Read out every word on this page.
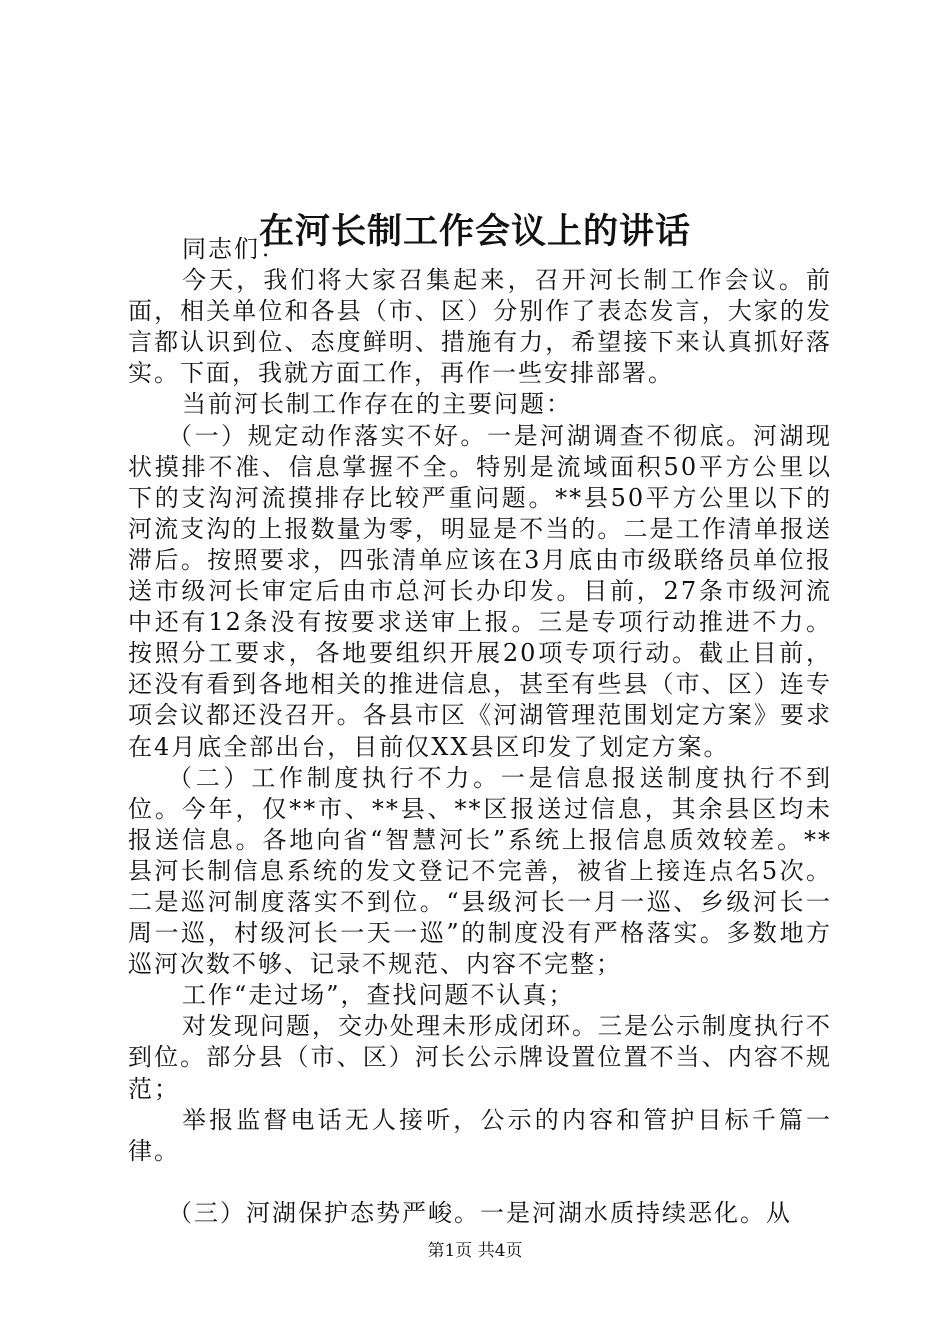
在河长制工作会议上的讲话

同志们：

今天，我们将大家召集起来，召开河长制工作会议。前面，相关单位和各县（市、区）分别作了表态发言，大家的发言都认识到位、态度鲜明、措施有力，希望接下来认真抓好落实。下面，我就方面工作，再作一些安排部署。

当前河长制工作存在的主要问题：

（一）规定动作落实不好。一是河湖调查不彻底。河湖现状摸排不准、信息掌握不全。特别是流域面积50平方公里以下的支沟河流摸排存比较严重问题。**县50平方公里以下的河流支沟的上报数量为零，明显是不当的。二是工作清单报送滞后。按照要求，四张清单应该在3月底由市级联络员单位报送市级河长审定后由市总河长办印发。目前，27条市级河流中还有12条没有按要求送审上报。三是专项行动推进不力。按照分工要求，各地要组织开展20项专项行动。截止目前，还没有看到各地相关的推进信息，甚至有些县（市、区）连专项会议都还没召开。各县市区《河湖管理范围划定方案》要求在4月底全部出台，目前仅XX县区印发了划定方案。

（二）工作制度执行不力。一是信息报送制度执行不到位。今年，仅**市、**县、**区报送过信息，其余县区均未报送信息。各地向省“智慧河长”系统上报信息质效较差。**县河长制信息系统的发文登记不完善，被省上接连点名5次。二是巡河制度落实不到位。“县级河长一月一巡、乡级河长一周一巡，村级河长一天一巡”的制度没有严格落实。多数地方巡河次数不够、记录不规范、内容不完整；

工作“走过场”，查找问题不认真；

对发现问题，交办处理未形成闭环。三是公示制度执行不到位。部分县（市、区）河长公示牌设置位置不当、内容不规范；

举报监督电话无人接听，公示的内容和管护目标千篇一律。

（三）河湖保护态势严峻。一是河湖水质持续恶化。从

第1页 共4页
